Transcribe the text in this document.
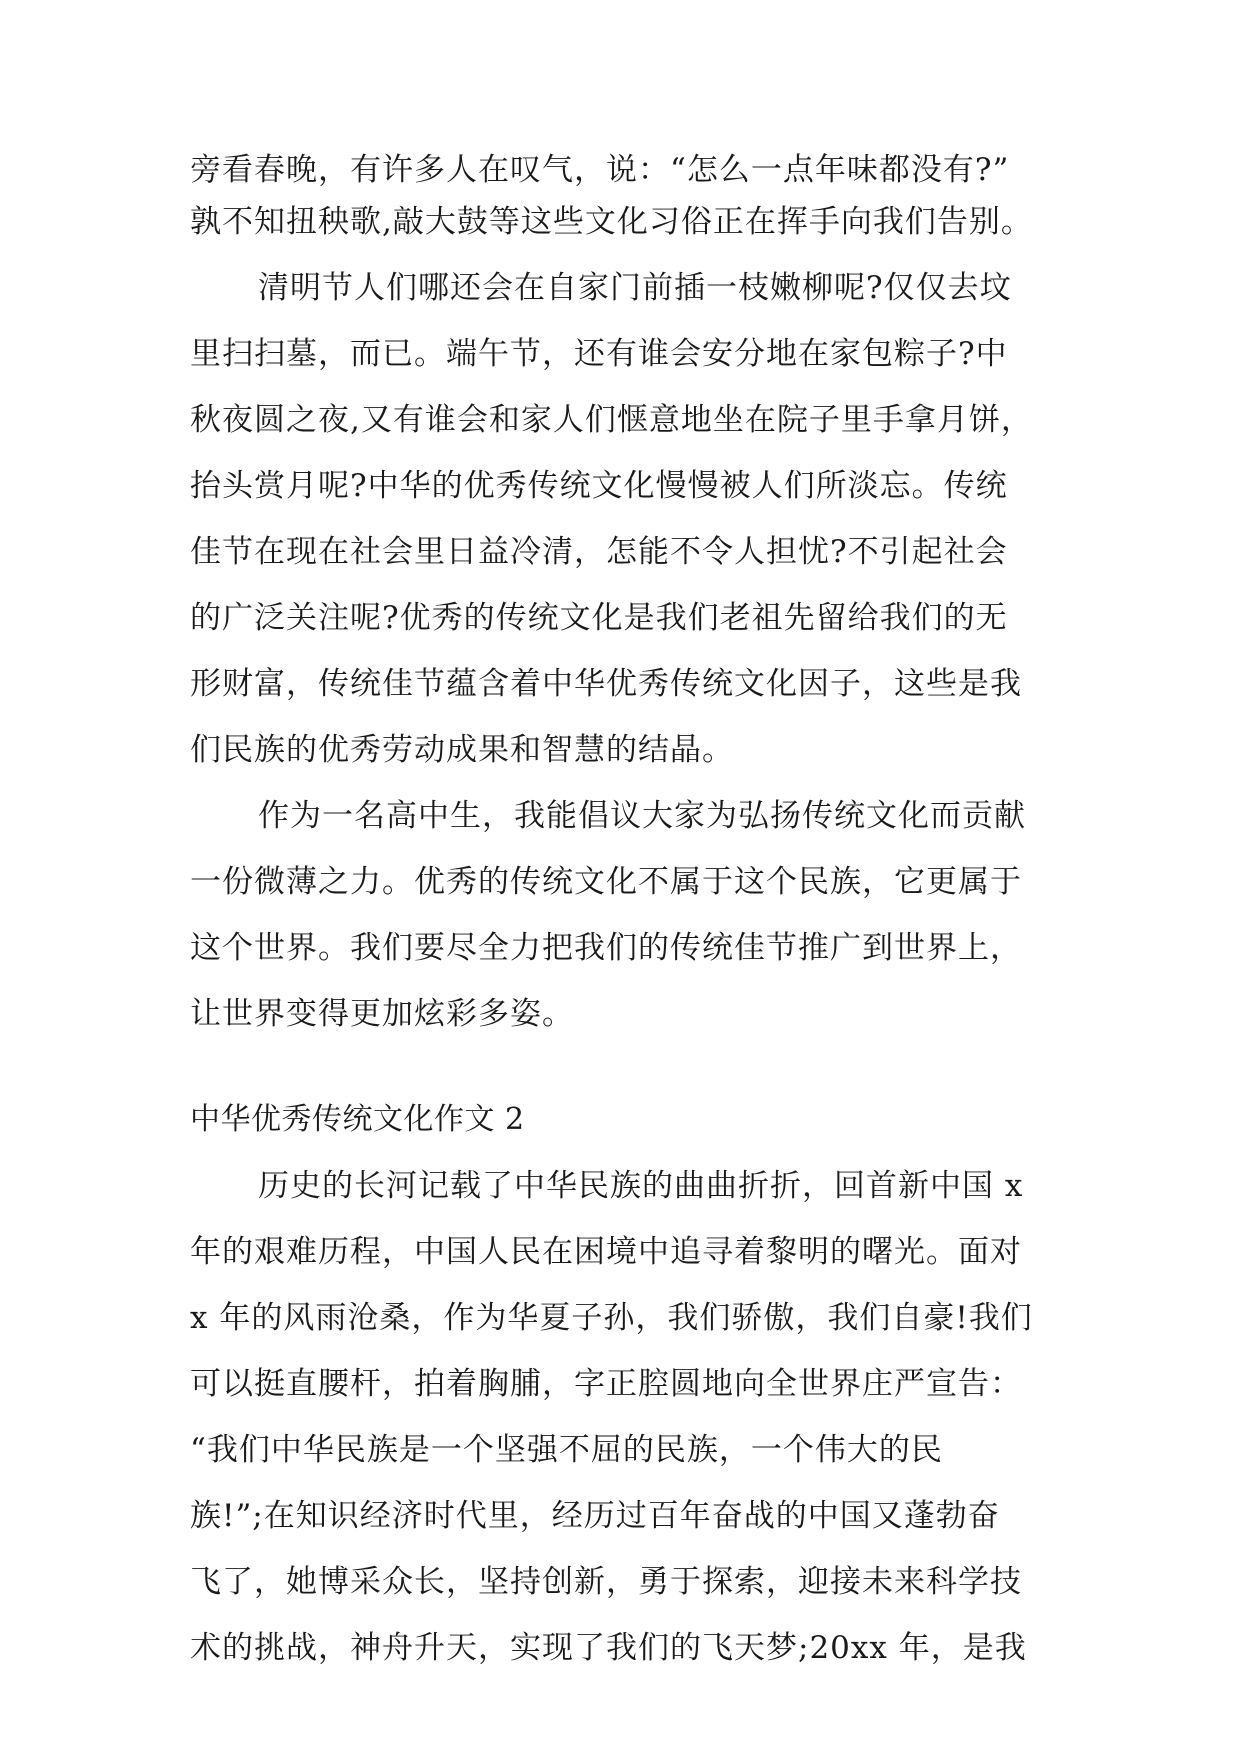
旁看春晚，有许多人在叹气，说：“怎么一点年味都没有?”
孰不知扭秧歌,敲大鼓等这些文化习俗正在挥手向我们告别。
清明节人们哪还会在自家门前插一枝嫩柳呢?仅仅去坟
里扫扫墓，而已。端午节，还有谁会安分地在家包粽子?中
秋夜圆之夜,又有谁会和家人们惬意地坐在院子里手拿月饼，
抬头赏月呢?中华的优秀传统文化慢慢被人们所淡忘。传统
佳节在现在社会里日益冷清，怎能不令人担忧?不引起社会
的广泛关注呢?优秀的传统文化是我们老祖先留给我们的无
形财富，传统佳节蕴含着中华优秀传统文化因子，这些是我
们民族的优秀劳动成果和智慧的结晶。
作为一名高中生，我能倡议大家为弘扬传统文化而贡献
一份微薄之力。优秀的传统文化不属于这个民族，它更属于
这个世界。我们要尽全力把我们的传统佳节推广到世界上，
让世界变得更加炫彩多姿。
中华优秀传统文化作文 2
历史的长河记载了中华民族的曲曲折折，回首新中国 x
年的艰难历程，中国人民在困境中追寻着黎明的曙光。面对
x 年的风雨沧桑，作为华夏子孙，我们骄傲，我们自豪!我们
可以挺直腰杆，拍着胸脯，字正腔圆地向全世界庄严宣告：
“我们中华民族是一个坚强不屈的民族，一个伟大的民
族!”;在知识经济时代里，经历过百年奋战的中国又蓬勃奋
飞了，她博采众长，坚持创新，勇于探索，迎接未来科学技
术的挑战，神舟升天，实现了我们的飞天梦;20xx 年，是我
